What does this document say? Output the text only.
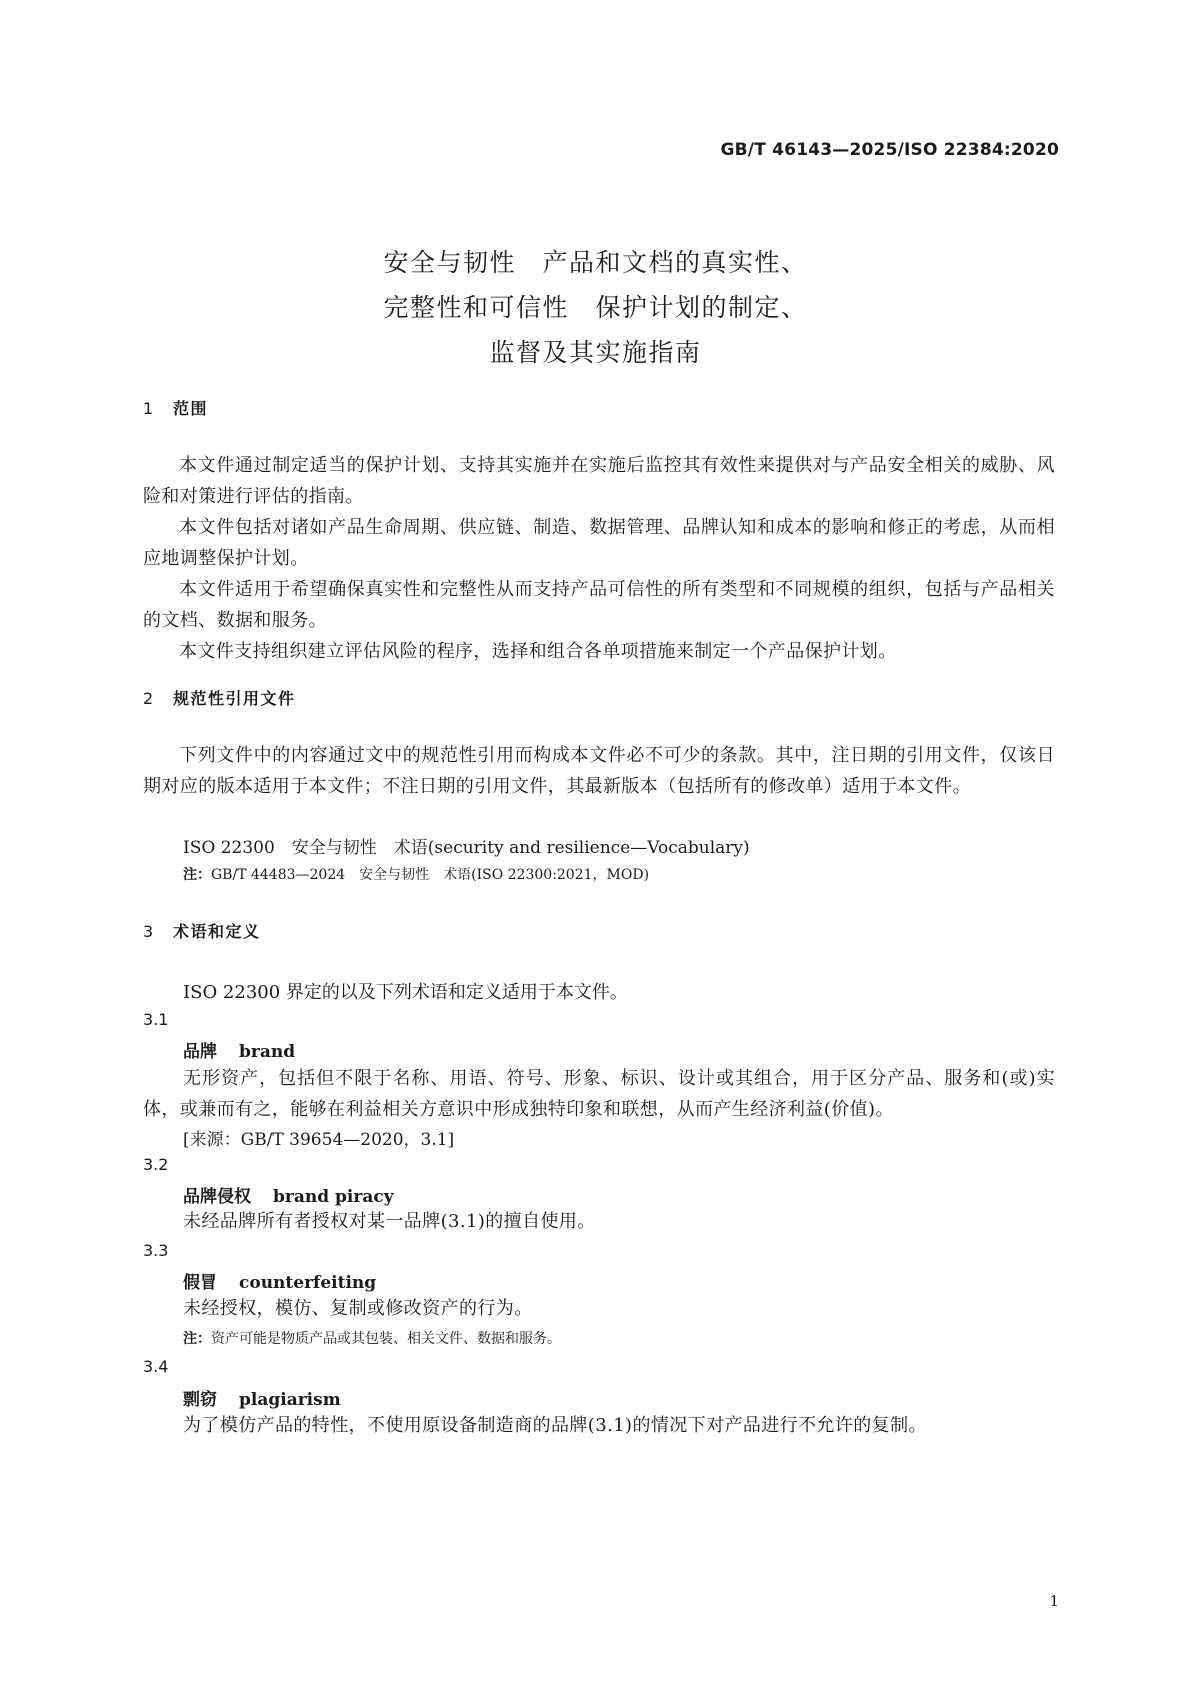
GB/T 46143—2025/ISO 22384:2020
安全与韧性　产品和文档的真实性、
完整性和可信性　保护计划的制定、
监督及其实施指南
1 范围

本文件通过制定适当的保护计划、支持其实施并在实施后监控其有效性来提供对与产品安全相关的威胁、风险和对策进行评估的指南。

本文件包括对诸如产品生命周期、供应链、制造、数据管理、品牌认知和成本的影响和修正的考虑，从而相应地调整保护计划。

本文件适用于希望确保真实性和完整性从而支持产品可信性的所有类型和不同规模的组织，包括与产品相关的文档、数据和服务。

本文件支持组织建立评估风险的程序，选择和组合各单项措施来制定一个产品保护计划。

2 规范性引用文件

下列文件中的内容通过文中的规范性引用而构成本文件必不可少的条款。其中，注日期的引用文件，仅该日期对应的版本适用于本文件；不注日期的引用文件，其最新版本（包括所有的修改单）适用于本文件。

ISO 22300　安全与韧性　术语(security and resilience—Vocabulary)
注：GB/T 44483—2024　安全与韧性　术语(ISO 22300:2021，MOD)
3 术语和定义
ISO 22300 界定的以及下列术语和定义适用于本文件。
3.1
品牌 brand

无形资产，包括但不限于名称、用语、符号、形象、标识、设计或其组合，用于区分产品、服务和(或)实体，或兼而有之，能够在利益相关方意识中形成独特印象和联想，从而产生经济利益(价值)。

[来源：GB/T 39654—2020，3.1]
3.2
品牌侵权 brand piracy
未经品牌所有者授权对某一品牌(3.1)的擅自使用。
3.3
假冒 counterfeiting
未经授权，模仿、复制或修改资产的行为。
注：资产可能是物质产品或其包装、相关文件、数据和服务。
3.4
剽窃 plagiarism
为了模仿产品的特性，不使用原设备制造商的品牌(3.1)的情况下对产品进行不允许的复制。
1
